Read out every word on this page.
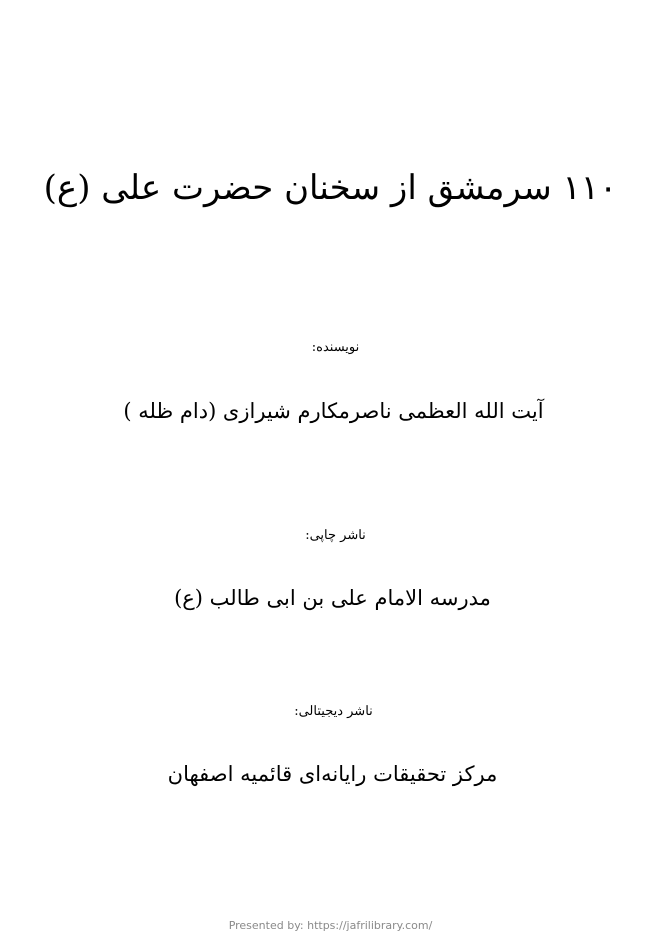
۱۱۰ سرمشق از سخنان حضرت علی (ع)
نویسنده:
آیت الله العظمی ناصرمکارم شیرازی (دام ظله )
ناشر چاپی:
مدرسه الامام علی بن ابی طالب (ع)
ناشر دیجیتالی:
مرکز تحقیقات رایانه‌ای قائمیه اصفهان
Presented by: https://jafrilibrary.com/
